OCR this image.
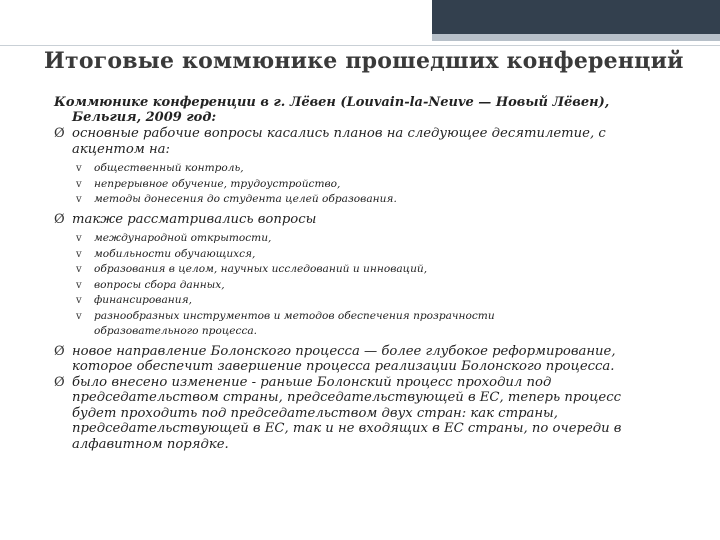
Итоговые коммюнике прошедших конференций
Коммюнике конференции в г. Лёвен (Louvain-la-Neuve — Новый Лёвен),
Бельгия, 2009 год:
Ø основные рабочие вопросы касались планов на следующее десятилетие, с
акцентом на:
v общественный контроль,
v непрерывное обучение, трудоустройство,
v методы донесения до студента целей образования.
Ø также рассматривались вопросы
v международной открытости,
v мобильности обучающихся,
v образования в целом, научных исследований и инноваций,
v вопросы сбора данных,
v финансирования,
v разнообразных инструментов и методов обеспечения прозрачности
образовательного процесса.
Ø новое направление Болонского процесса — более глубокое реформирование,
которое обеспечит завершение процесса реализации Болонского процесса.
Ø было внесено изменение - раньше Болонский процесс проходил под
председательством страны, председательствующей в ЕС, теперь процесс
будет проходить под председательством двух стран: как страны,
председательствующей в ЕС, так и не входящих в ЕС страны, по очереди в
алфавитном порядке.
